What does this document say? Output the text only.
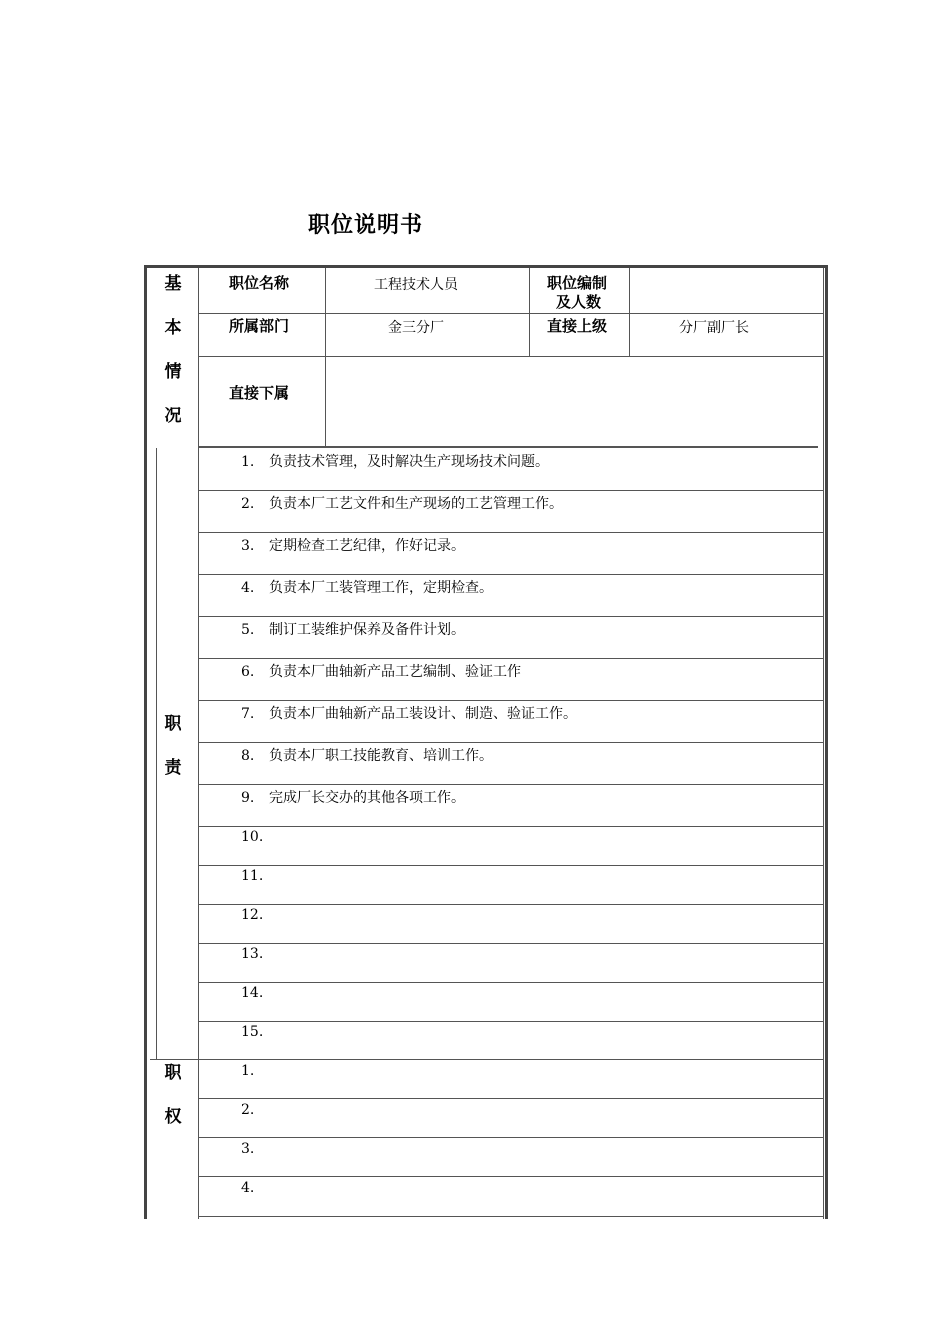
职位说明书
基
本
情
况
职位名称	工程技术人员	职位编制
及人数
所属部门	金三分厂	直接上级	分厂副厂长
直接下属
职
责
1. 负责技术管理，及时解决生产现场技术问题。
2. 负责本厂工艺文件和生产现场的工艺管理工作。
3. 定期检查工艺纪律，作好记录。
4. 负责本厂工装管理工作，定期检查。
5. 制订工装维护保养及备件计划。
6. 负责本厂曲轴新产品工艺编制、验证工作
7. 负责本厂曲轴新产品工装设计、制造、验证工作。
8. 负责本厂职工技能教育、培训工作。
9. 完成厂长交办的其他各项工作。
10.
11.
12.
13.
14.
15.
职
权
1.
2.
3.
4.
